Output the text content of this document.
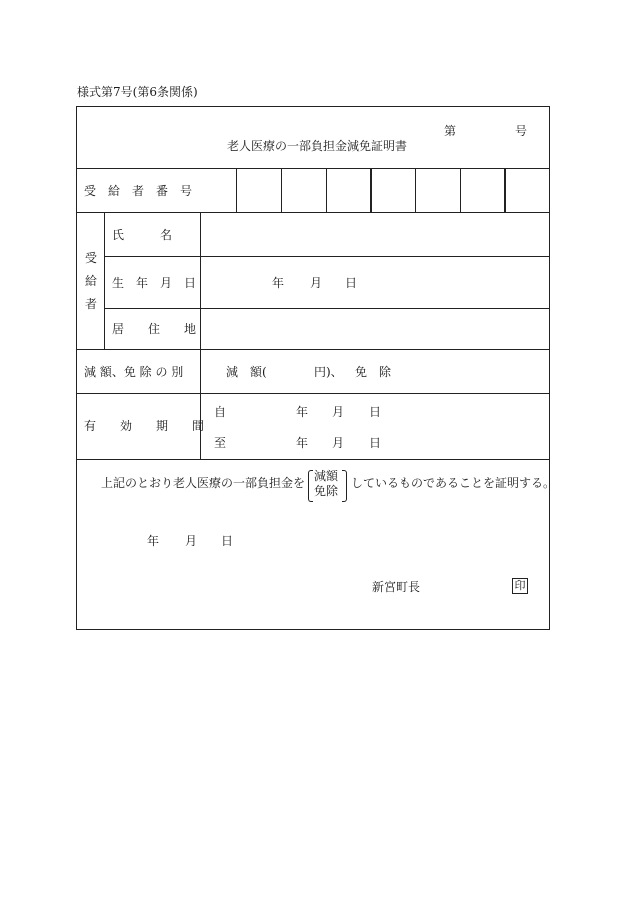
様式第7号(第6条関係)
第	号
老人医療の一部負担金減免証明書
受　給　者　番　号
受
給
者
氏　　　名
生　年　月　日	年 月 日
居　　住　　地
減 額、免 除 の 別	減　額(	円)、 免　除
有　　効　　期　　間
自	年 月 日
至	年 月 日
上記のとおり老人医療の一部負担金を 減額
免除
しているものであることを証明する。
年 月 日
新宮町長	印
